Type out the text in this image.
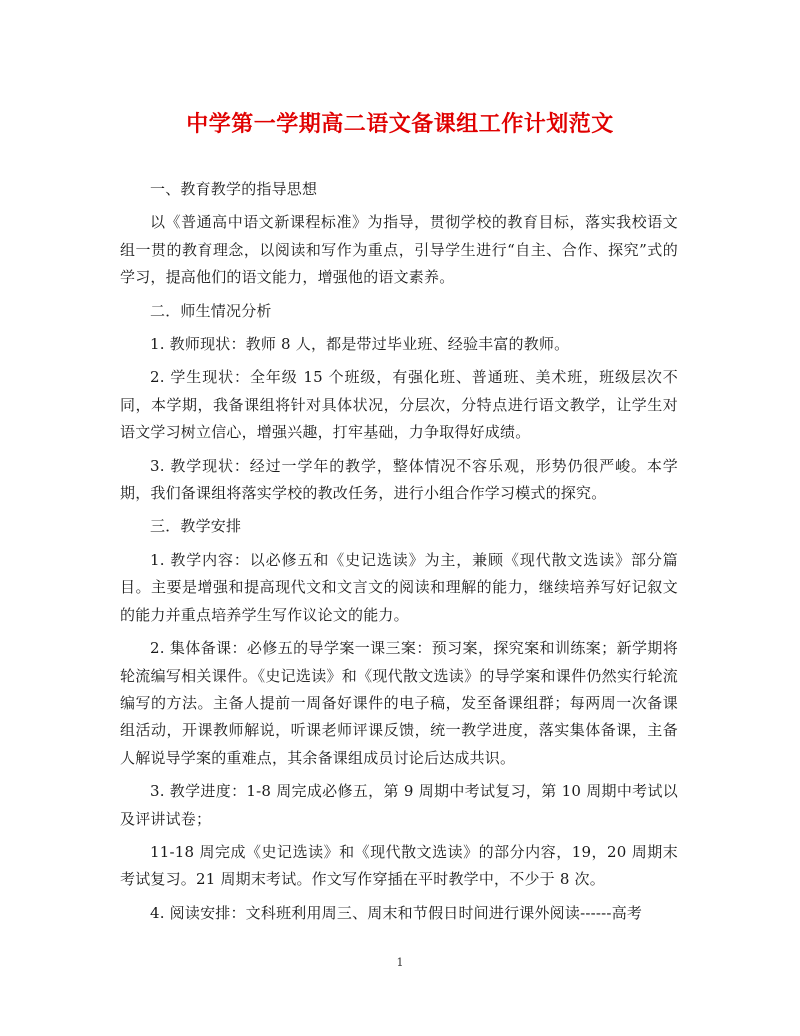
中学第一学期高二语文备课组工作计划范文

一、教育教学的指导思想

以《普通高中语文新课程标准》为指导，贯彻学校的教育目标，落实我校语文组一贯的教育理念，以阅读和写作为重点，引导学生进行“自主、合作、探究”式的学习，提高他们的语文能力，增强他的语文素养。

二．师生情况分析

1. 教师现状：教师 8 人，都是带过毕业班、经验丰富的教师。

2. 学生现状：全年级 15 个班级，有强化班、普通班、美术班，班级层次不同，本学期，我备课组将针对具体状况，分层次，分特点进行语文教学，让学生对语文学习树立信心，增强兴趣，打牢基础，力争取得好成绩。

3. 教学现状：经过一学年的教学，整体情况不容乐观，形势仍很严峻。本学期，我们备课组将落实学校的教改任务，进行小组合作学习模式的探究。

三．教学安排

1. 教学内容：以必修五和《史记选读》为主，兼顾《现代散文选读》部分篇目。主要是增强和提高现代文和文言文的阅读和理解的能力，继续培养写好记叙文的能力并重点培养学生写作议论文的能力。

2. 集体备课：必修五的导学案一课三案：预习案，探究案和训练案；新学期将轮流编写相关课件。《史记选读》和《现代散文选读》的导学案和课件仍然实行轮流编写的方法。主备人提前一周备好课件的电子稿，发至备课组群；每两周一次备课组活动，开课教师解说，听课老师评课反馈，统一教学进度，落实集体备课，主备人解说导学案的重难点，其余备课组成员讨论后达成共识。

3. 教学进度：1-8 周完成必修五，第 9 周期中考试复习，第 10 周期中考试以及评讲试卷；

11-18 周完成《史记选读》和《现代散文选读》的部分内容，19，20 周期末考试复习。21 周期末考试。作文写作穿插在平时教学中，不少于 8 次。

4. 阅读安排：文科班利用周三、周末和节假日时间进行课外阅读------高考

1
